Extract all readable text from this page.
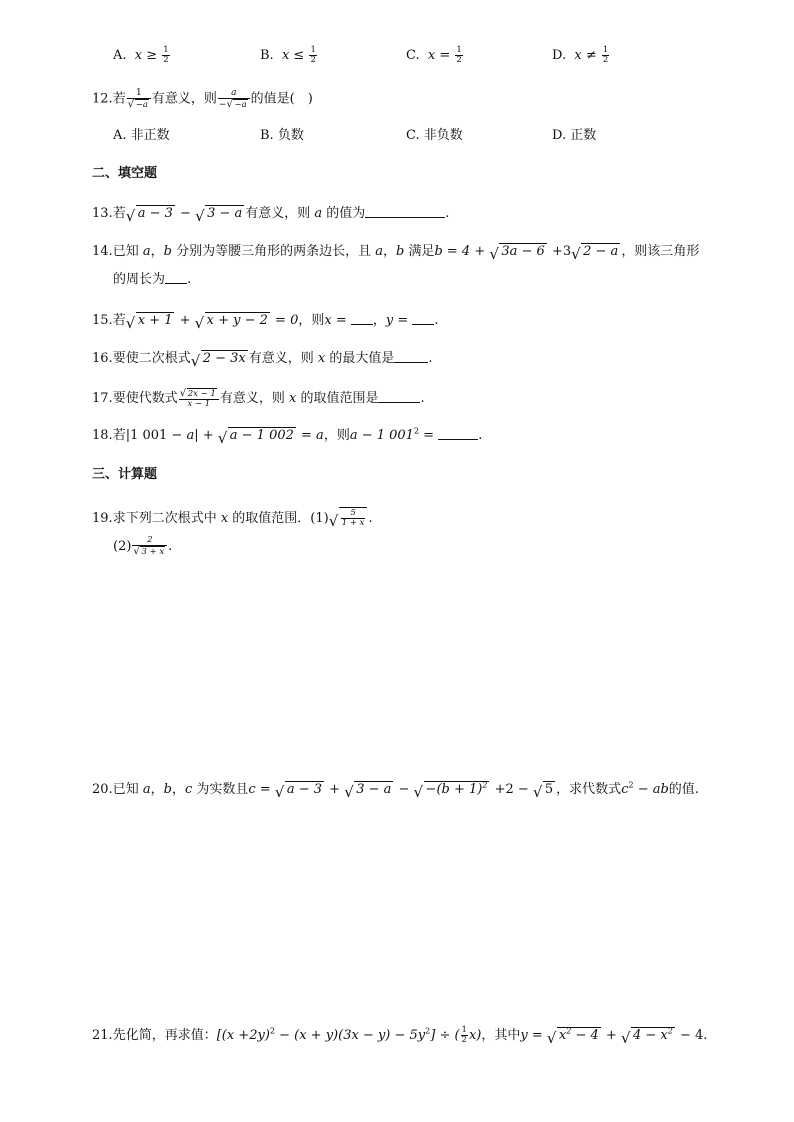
A. $x \ge \frac{1}{2}$	B. $x \le \frac{1}{2}$	C. $x = \frac{1}{2}$	D. $x \ne \frac{1}{2}$
12.若 1
√ −a 有意义，则 $\frac{a}{- √ -a}$ 的值是(　)
A. 非正数	B. 负数	C. 非负数	D. 正数
二、填空题
13.若 √ a − 3 − √ 3 − a 有意义，则 a 的值为	.
14.已知 a，b 分别为等腰三角形的两条边长，且 a，b 满足b = 4 + √ 3a − 6 +3 √ 2 − a ，则该三角形
的周长为 .
15.若 √ x + 1 + √ x + y − 2 = 0，则x = ，y = .
16.要使二次根式 √ 2 − 3x 有意义，则 x 的最大值是	.
17.要使代数式 √ $\frac{2x - 1}{x - 1}$ 有意义，则 x 的取值范围是	.
18.若|1 001 − a| + √ a − 1 002 = a，则a − 1 $001^2$ =	.
三、计算题
19.求下列二次根式中 x 的取值范围．(1) √ $\frac{5}{1 + x}$ .
(2) 2
√ 3 + x .
20.已知 a，b，c 为实数且c = √ a − 3 + √ 3 − a − √ $-(b + 1)^2 +2$ − √ 5 ，求代数式$c^2$ − ab的值.
21.先化简，再求值：$[(x +2y)^2 - (x + y)(3x - y) - 5y^2]$ ÷ ( $\frac{1}{2} x$)，其中y = √ $x^2 - 4$ + √ $4 - x^2 - 4$.
